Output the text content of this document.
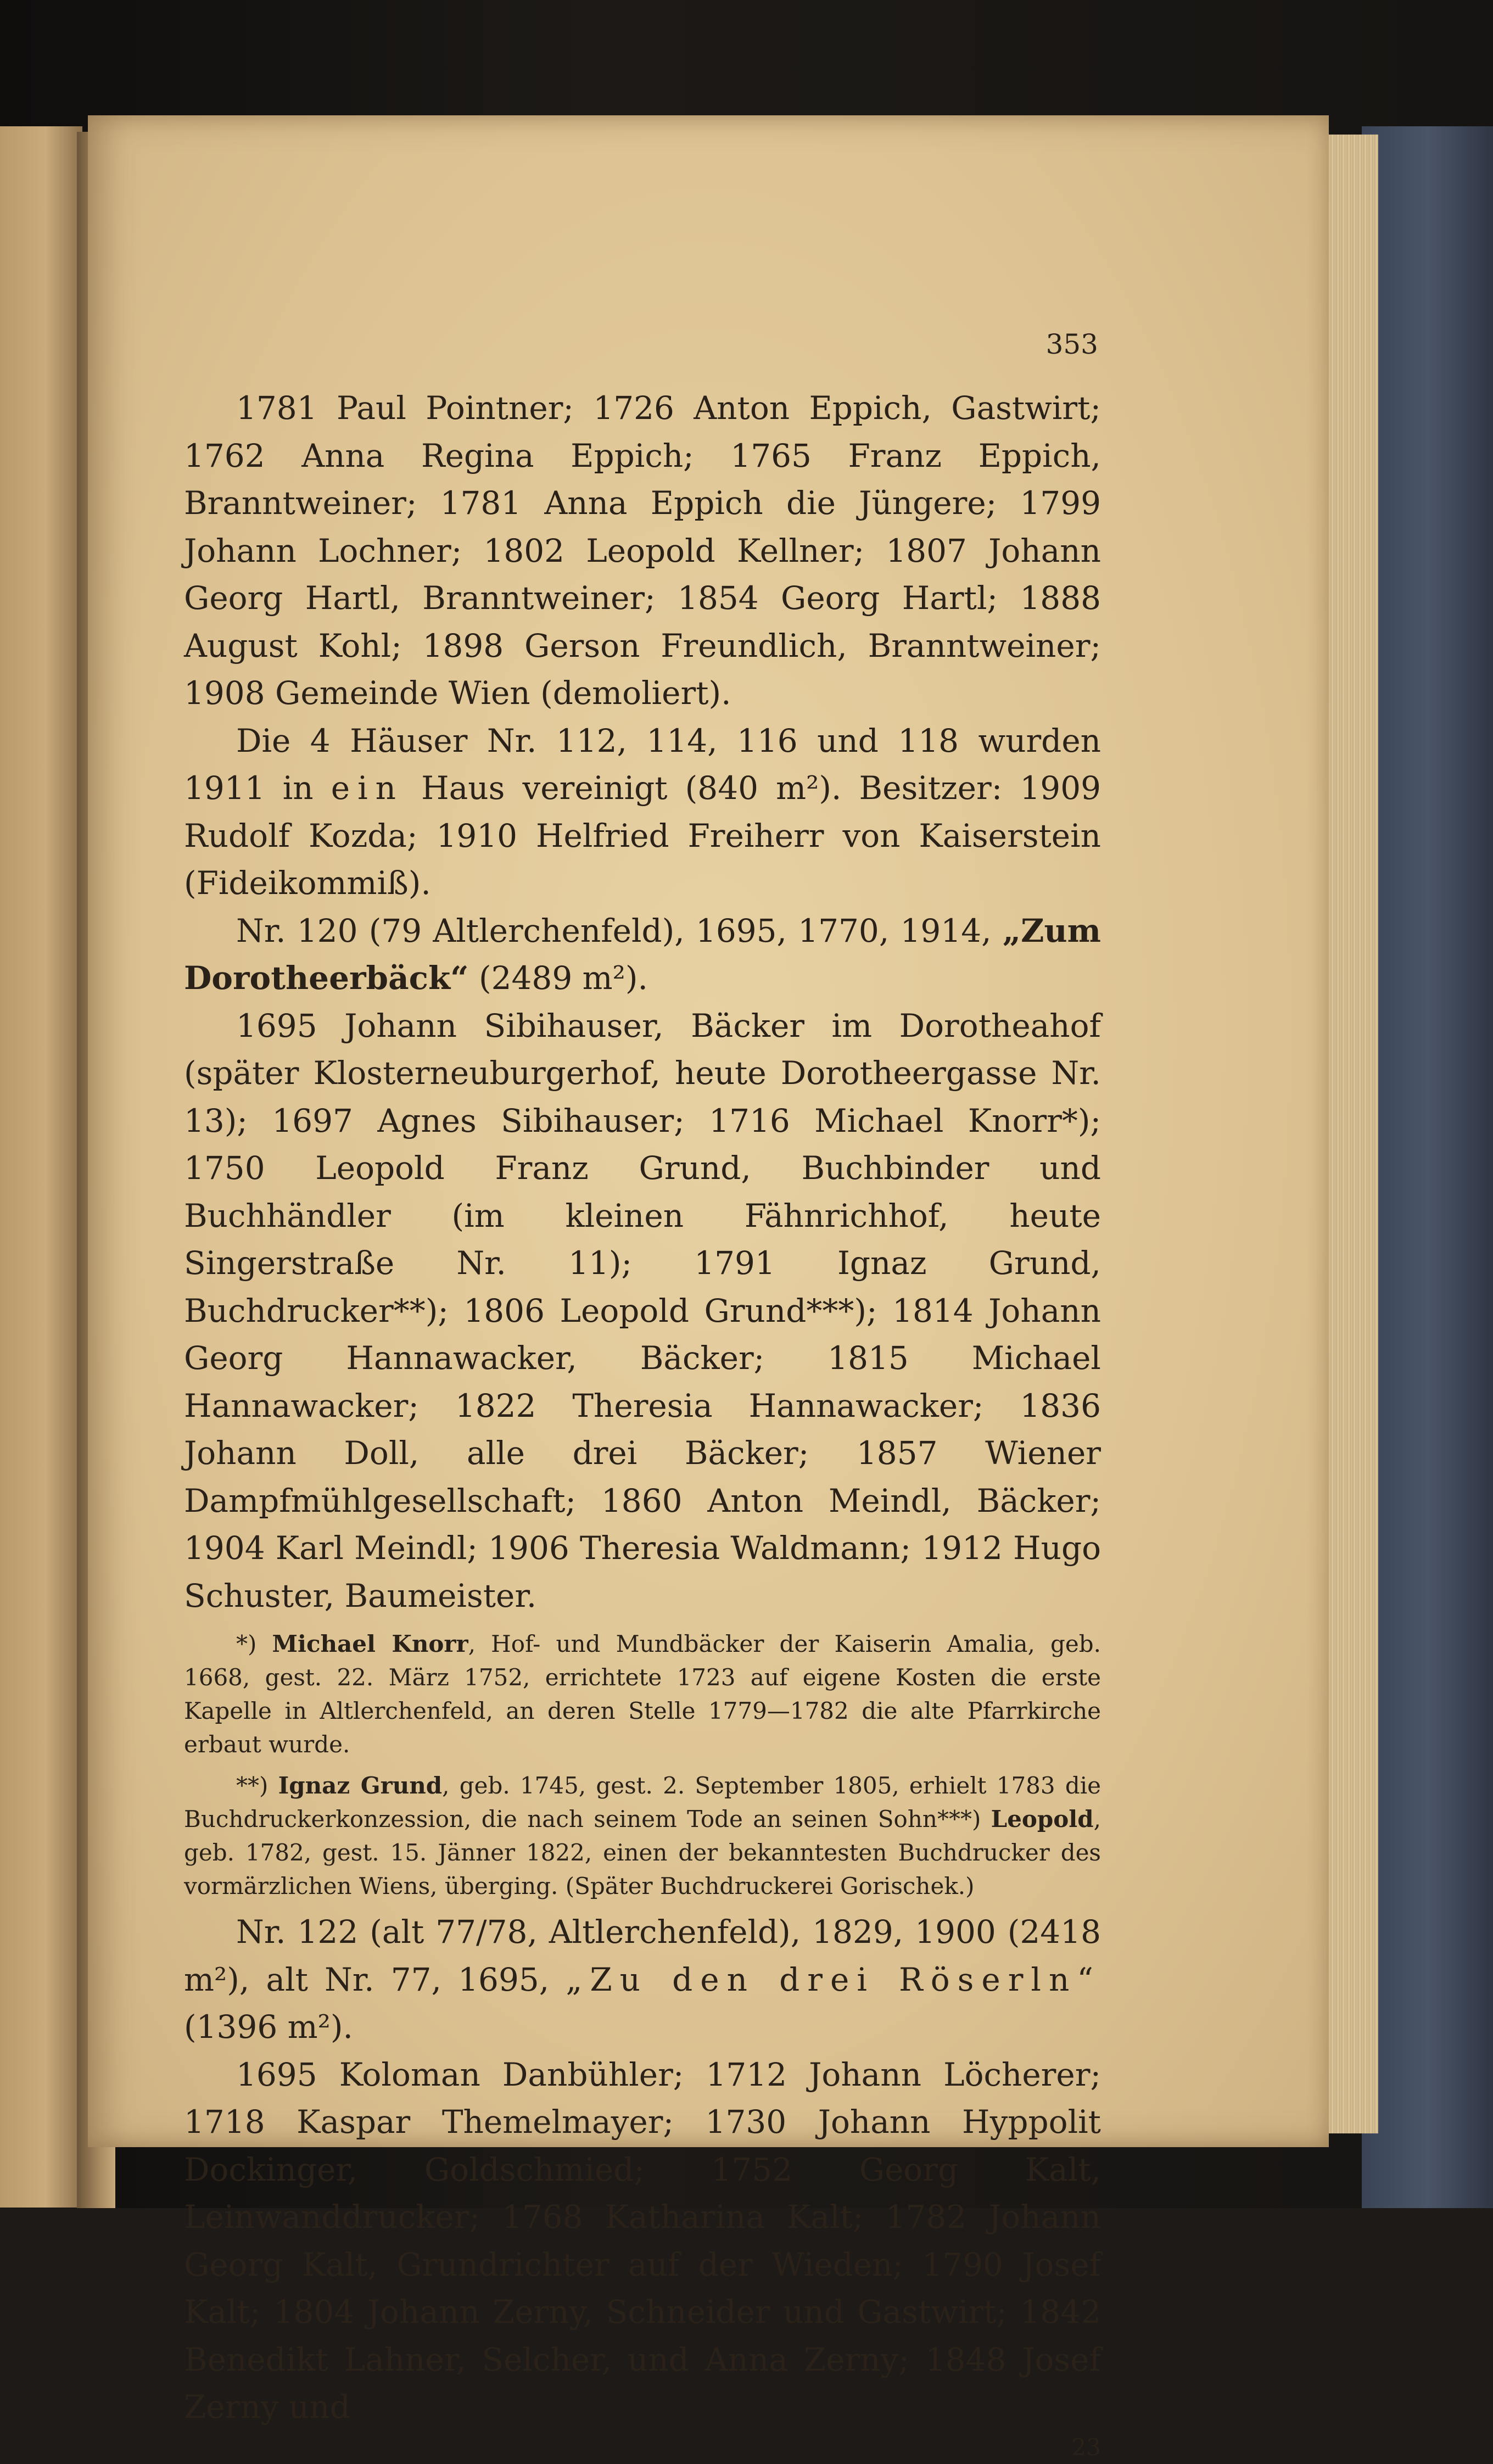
353

1781 Paul Pointner; 1726 Anton Eppich, Gastwirt; 1762 Anna Regina Eppich; 1765 Franz Eppich, Branntweiner; 1781 Anna Eppich die Jüngere; 1799 Johann Lochner; 1802 Leopold Kellner; 1807 Johann Georg Hartl, Branntweiner; 1854 Georg Hartl; 1888 August Kohl; 1898 Gerson Freundlich, Branntweiner; 1908 Gemeinde Wien (demoliert).

Die 4 Häuser Nr. 112, 114, 116 und 118 wurden 1911 in ein Haus vereinigt (840 m²). Besitzer: 1909 Rudolf Kozda; 1910 Helfried Freiherr von Kaiserstein (Fideikommiß).

Nr. 120 (79 Altlerchenfeld), 1695, 1770, 1914, „Zum Dorotheerbäck“ (2489 m²).

1695 Johann Sibihauser, Bäcker im Dorotheahof (später Klosterneuburgerhof, heute Dorotheergasse Nr. 13); 1697 Agnes Sibihauser; 1716 Michael Knorr*); 1750 Leopold Franz Grund, Buchbinder und Buchhändler (im kleinen Fähnrichhof, heute Singerstraße Nr. 11); 1791 Ignaz Grund, Buchdrucker**); 1806 Leopold Grund***); 1814 Johann Georg Hannawacker, Bäcker; 1815 Michael Hannawacker; 1822 Theresia Hannawacker; 1836 Johann Doll, alle drei Bäcker; 1857 Wiener Dampfmühlgesellschaft; 1860 Anton Meindl, Bäcker; 1904 Karl Meindl; 1906 Theresia Waldmann; 1912 Hugo Schuster, Baumeister.

*) Michael Knorr, Hof- und Mundbäcker der Kaiserin Amalia, geb. 1668, gest. 22. März 1752, errichtete 1723 auf eigene Kosten die erste Kapelle in Altlerchenfeld, an deren Stelle 1779—1782 die alte Pfarrkirche erbaut wurde.

**) Ignaz Grund, geb. 1745, gest. 2. September 1805, erhielt 1783 die Buchdruckerkonzession, die nach seinem Tode an seinen Sohn***) Leopold, geb. 1782, gest. 15. Jänner 1822, einen der bekanntesten Buchdrucker des vormärzlichen Wiens, überging. (Später Buchdruckerei Gorischek.)

Nr. 122 (alt 77/78, Altlerchenfeld), 1829, 1900 (2418 m²), alt Nr. 77, 1695, „Zu den drei Röserln“ (1396 m²).

1695 Koloman Danbühler; 1712 Johann Löcherer; 1718 Kaspar Themelmayer; 1730 Johann Hyppolit Dockinger, Goldschmied; 1752 Georg Kalt, Leinwanddrucker; 1768 Katharina Kalt; 1782 Johann Georg Kalt, Grundrichter auf der Wieden; 1790 Josef Kalt; 1804 Johann Zerny, Schneider und Gastwirt; 1842 Benedikt Lahner, Selcher, und Anna Zerny; 1848 Josef Zerny und

23
